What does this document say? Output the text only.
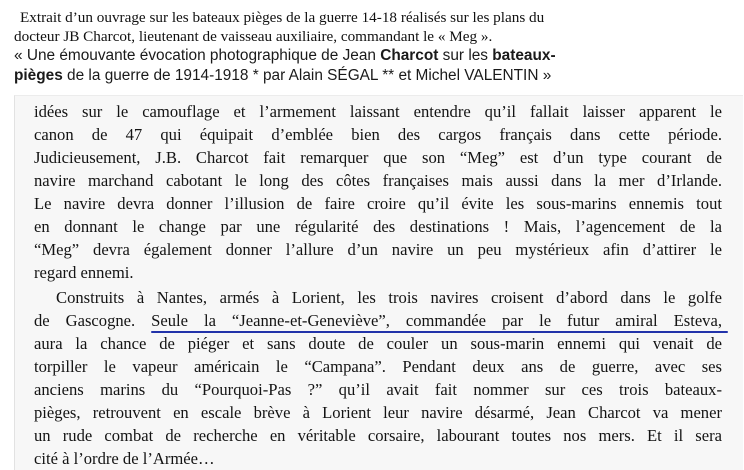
Extrait d’un ouvrage sur les bateaux pièges de la guerre 14-18 réalisés sur les plans du
docteur JB Charcot, lieutenant de vaisseau auxiliaire, commandant le « Meg ».
« Une émouvante évocation photographique de Jean Charcot sur les bateaux-
pièges de la guerre de 1914-1918 * par Alain SÉGAL ** et Michel VALENTIN »
idées sur le camouflage et l’armement laissant entendre qu’il fallait laisser apparent le
canon de 47 qui équipait d’emblée bien des cargos français dans cette période.
Judicieusement, J.B. Charcot fait remarquer que son “Meg” est d’un type courant de
navire marchand cabotant le long des côtes françaises mais aussi dans la mer d’Irlande.
Le navire devra donner l’illusion de faire croire qu’il évite les sous-marins ennemis tout
en donnant le change par une régularité des destinations ! Mais, l’agencement de la
“Meg” devra également donner l’allure d’un navire un peu mystérieux afin d’attirer le
regard ennemi.
Construits à Nantes, armés à Lorient, les trois navires croisent d’abord dans le golfe
de Gascogne. Seule la “Jeanne-et-Geneviève”, commandée par le futur amiral Esteva,
aura la chance de piéger et sans doute de couler un sous-marin ennemi qui venait de
torpiller le vapeur américain le “Campana”. Pendant deux ans de guerre, avec ses
anciens marins du “Pourquoi-Pas ?” qu’il avait fait nommer sur ces trois bateaux-
pièges, retrouvent en escale brève à Lorient leur navire désarmé, Jean Charcot va mener
un rude combat de recherche en véritable corsaire, labourant toutes nos mers. Et il sera
cité à l’ordre de l’Armée…
